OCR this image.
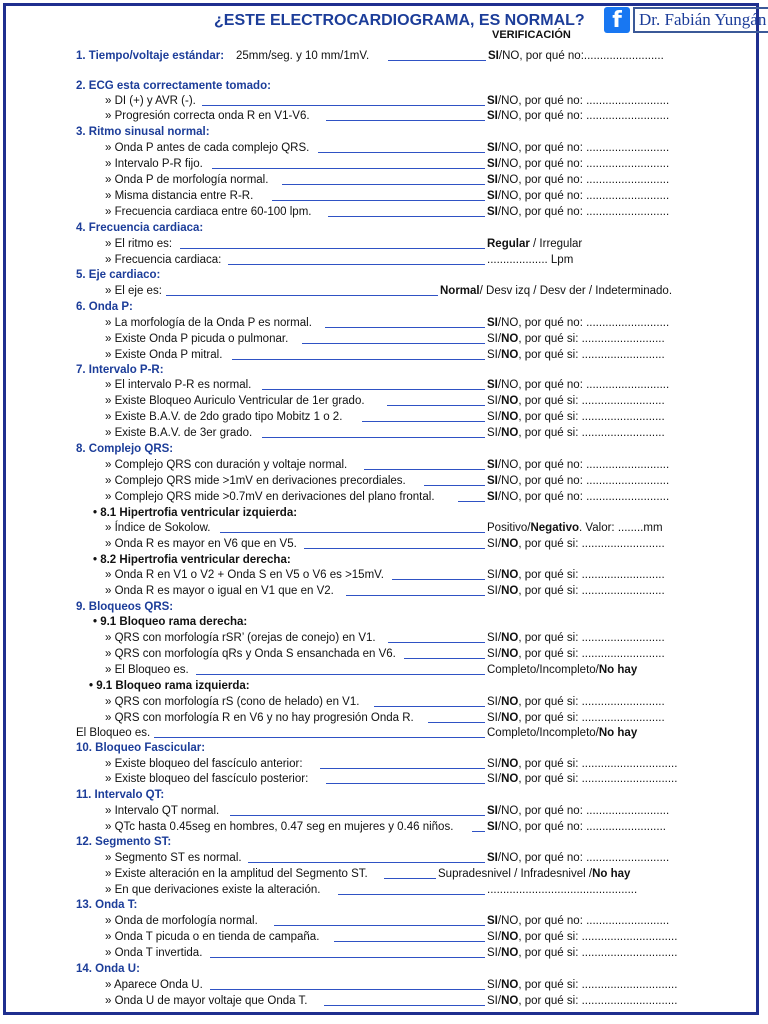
¿ESTE ELECTROCARDIOGRAMA, ES NORMAL?	f	Dr. Fabián Yungán
VERIFICACIÓN
1. Tiempo/voltaje estándar: 25mm/seg. y 10 mm/1mV.	SI/NO, por qué no:.........................
2. ECG esta correctamente tomado:
» DI (+) y AVR (-).	SI/NO, por qué no: ..........................
» Progresión correcta onda R en V1-V6.	SI/NO, por qué no: ..........................
3. Ritmo sinusal normal:
» Onda P antes de cada complejo QRS.	SI/NO, por qué no: ..........................
» Intervalo P-R fijo.	SI/NO, por qué no: ..........................
» Onda P de morfología normal.	SI/NO, por qué no: ..........................
» Misma distancia entre R-R.	SI/NO, por qué no: ..........................
» Frecuencia cardiaca entre 60-100 lpm.	SI/NO, por qué no: ..........................
4. Frecuencia cardiaca:
» El ritmo es:	Regular / Irregular
» Frecuencia cardiaca:	................... Lpm
5. Eje cardiaco:
» El eje es:	Normal/ Desv izq / Desv der / Indeterminado.
6. Onda P:
» La morfología de la Onda P es normal.	SI/NO, por qué no: ..........................
» Existe Onda P picuda o pulmonar.	SI/NO, por qué si: ..........................
» Existe Onda P mitral.	SI/NO, por qué si: ..........................
7. Intervalo P-R:
» El intervalo P-R es normal.	SI/NO, por qué no: ..........................
» Existe Bloqueo Auriculo Ventricular de 1er grado.	SI/NO, por qué si: ..........................
» Existe B.A.V. de 2do grado tipo Mobitz 1 o 2.	SI/NO, por qué si: ..........................
» Existe B.A.V. de 3er grado.	SI/NO, por qué si: ..........................
8. Complejo QRS:
» Complejo QRS con duración y voltaje normal.	SI/NO, por qué no: ..........................
» Complejo QRS mide >1mV en derivaciones precordiales.	SI/NO, por qué no: ..........................
» Complejo QRS mide >0.7mV en derivaciones del plano frontal.	SI/NO, por qué no: ..........................
• 8.1 Hipertrofia ventricular izquierda:
» Índice de Sokolow.	Positivo/Negativo. Valor: ........mm
» Onda R es mayor en V6 que en V5.	SI/NO, por qué si: ..........................
• 8.2 Hipertrofia ventricular derecha:
» Onda R en V1 o V2 + Onda S en V5 o V6 es >15mV.	SI/NO, por qué si: ..........................
» Onda R es mayor o igual en V1 que en V2.	SI/NO, por qué si: ..........................
9. Bloqueos QRS:
• 9.1 Bloqueo rama derecha:
» QRS con morfología rSR’ (orejas de conejo) en V1.	SI/NO, por qué si: ..........................
» QRS con morfología qRs y Onda S ensanchada en V6.	SI/NO, por qué si: ..........................
» El Bloqueo es.	Completo/Incompleto/No hay
• 9.1 Bloqueo rama izquierda:
» QRS con morfología rS (cono de helado) en V1.	SI/NO, por qué si: ..........................
» QRS con morfología R en V6 y no hay progresión Onda R.	SI/NO, por qué si: ..........................
El Bloqueo es.	Completo/Incompleto/No hay
10. Bloqueo Fascicular:
» Existe bloqueo del fascículo anterior:	SI/NO, por qué si: ..............................
» Existe bloqueo del fascículo posterior:	SI/NO, por qué si: ..............................
11. Intervalo QT:
» Intervalo QT normal.	SI/NO, por qué no: ..........................
» QTc hasta 0.45seg en hombres, 0.47 seg en mujeres y 0.46 niños.	SI/NO, por qué no: .........................
12. Segmento ST:
» Segmento ST es normal.	SI/NO, por qué no: ..........................
» Existe alteración en la amplitud del Segmento ST.	Supradesnivel / Infradesnivel /No hay
» En que derivaciones existe la alteración.	...............................................
13. Onda T:
» Onda de morfología normal.	SI/NO, por qué no: ..........................
» Onda T picuda o en tienda de campaña.	SI/NO, por qué si: ..............................
» Onda T invertida.	SI/NO, por qué si: ..............................
14. Onda U:
» Aparece Onda U.	SI/NO, por qué si: ..............................
» Onda U de mayor voltaje que Onda T.	SI/NO, por qué si: ..............................
